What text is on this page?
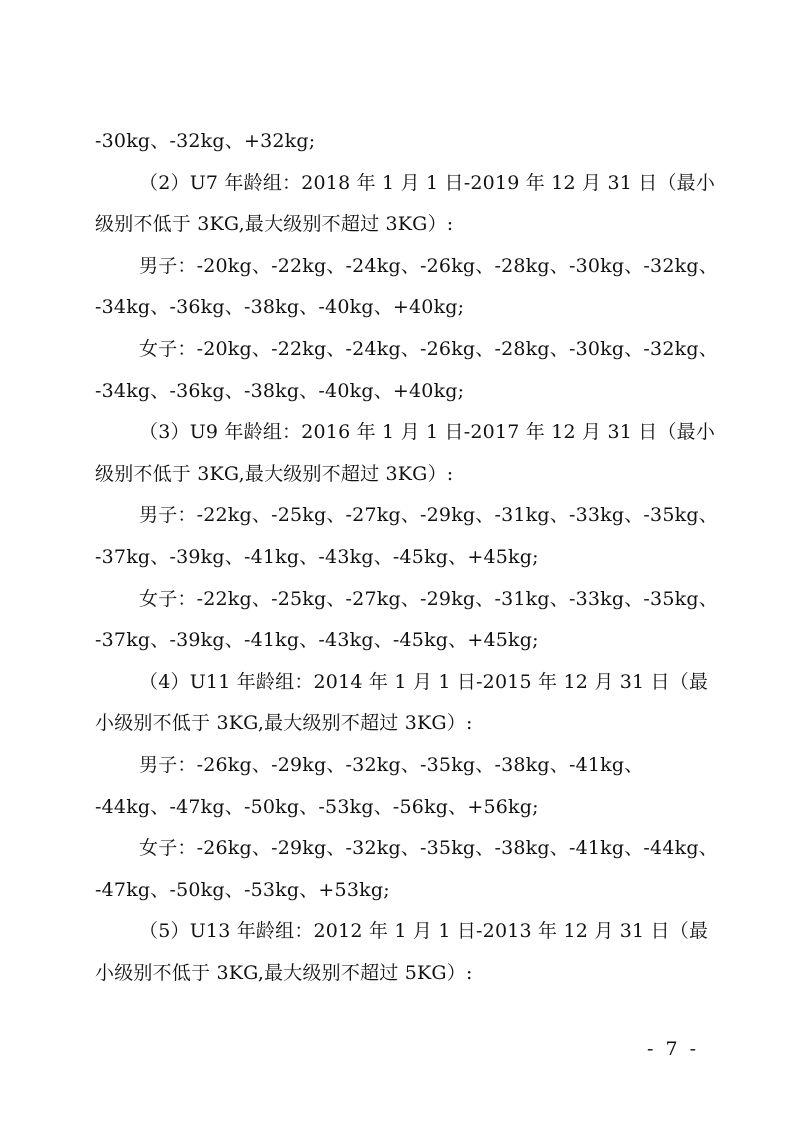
-30kg、-32kg、+32kg;
（2）U7 年龄组：2018 年 1 月 1 日-2019 年 12 月 31 日（最小
级别不低于 3KG,最大级别不超过 3KG）:
男子：-20kg、-22kg、-24kg、-26kg、-28kg、-30kg、-32kg、
-34kg、-36kg、-38kg、-40kg、+40kg;
女子：-20kg、-22kg、-24kg、-26kg、-28kg、-30kg、-32kg、
-34kg、-36kg、-38kg、-40kg、+40kg;
（3）U9 年龄组：2016 年 1 月 1 日-2017 年 12 月 31 日（最小
级别不低于 3KG,最大级别不超过 3KG）:
男子：-22kg、-25kg、-27kg、-29kg、-31kg、-33kg、-35kg、
-37kg、-39kg、-41kg、-43kg、-45kg、+45kg;
女子：-22kg、-25kg、-27kg、-29kg、-31kg、-33kg、-35kg、
-37kg、-39kg、-41kg、-43kg、-45kg、+45kg;
（4）U11 年龄组：2014 年 1 月 1 日-2015 年 12 月 31 日（最
小级别不低于 3KG,最大级别不超过 3KG）:
男子：-26kg、-29kg、-32kg、-35kg、-38kg、-41kg、
-44kg、-47kg、-50kg、-53kg、-56kg、+56kg;
女子：-26kg、-29kg、-32kg、-35kg、-38kg、-41kg、-44kg、
-47kg、-50kg、-53kg、+53kg;
（5）U13 年龄组：2012 年 1 月 1 日-2013 年 12 月 31 日（最
小级别不低于 3KG,最大级别不超过 5KG）:
- 7 -
